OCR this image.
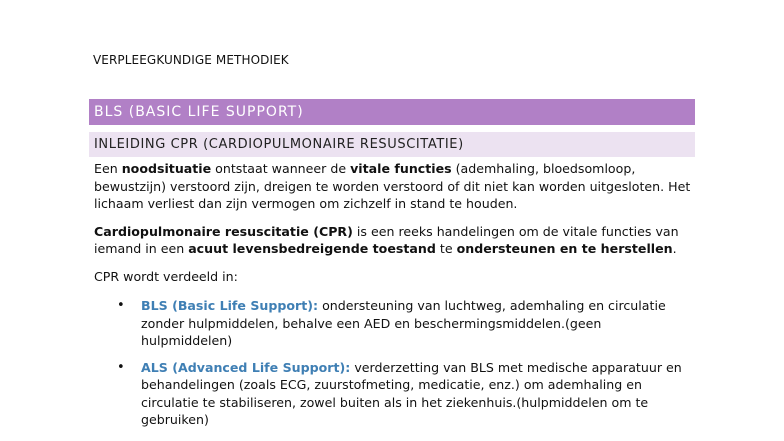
VERPLEEGKUNDIGE METHODIEK
BLS (BASIC LIFE SUPPORT)
INLEIDING CPR (CARDIOPULMONAIRE RESUSCITATIE)

Een noodsituatie ontstaat wanneer de vitale functies (ademhaling, bloedsomloop, bewustzijn) verstoord zijn, dreigen te worden verstoord of dit niet kan worden uitgesloten. Het lichaam verliest dan zijn vermogen om zichzelf in stand te houden.

Cardiopulmonaire resuscitatie (CPR) is een reeks handelingen om de vitale functies van iemand in een acuut levensbedreigende toestand te ondersteunen en te herstellen.

CPR wordt verdeeld in:

• BLS (Basic Life Support): ondersteuning van luchtweg, ademhaling en circulatie zonder hulpmiddelen, behalve een AED en beschermingsmiddelen.(geen hulpmiddelen)
• ALS (Advanced Life Support): verderzetting van BLS met medische apparatuur en behandelingen (zoals ECG, zuurstofmeting, medicatie, enz.) om ademhaling en circulatie te stabiliseren, zowel buiten als in het ziekenhuis.(hulpmiddelen om te gebruiken)
